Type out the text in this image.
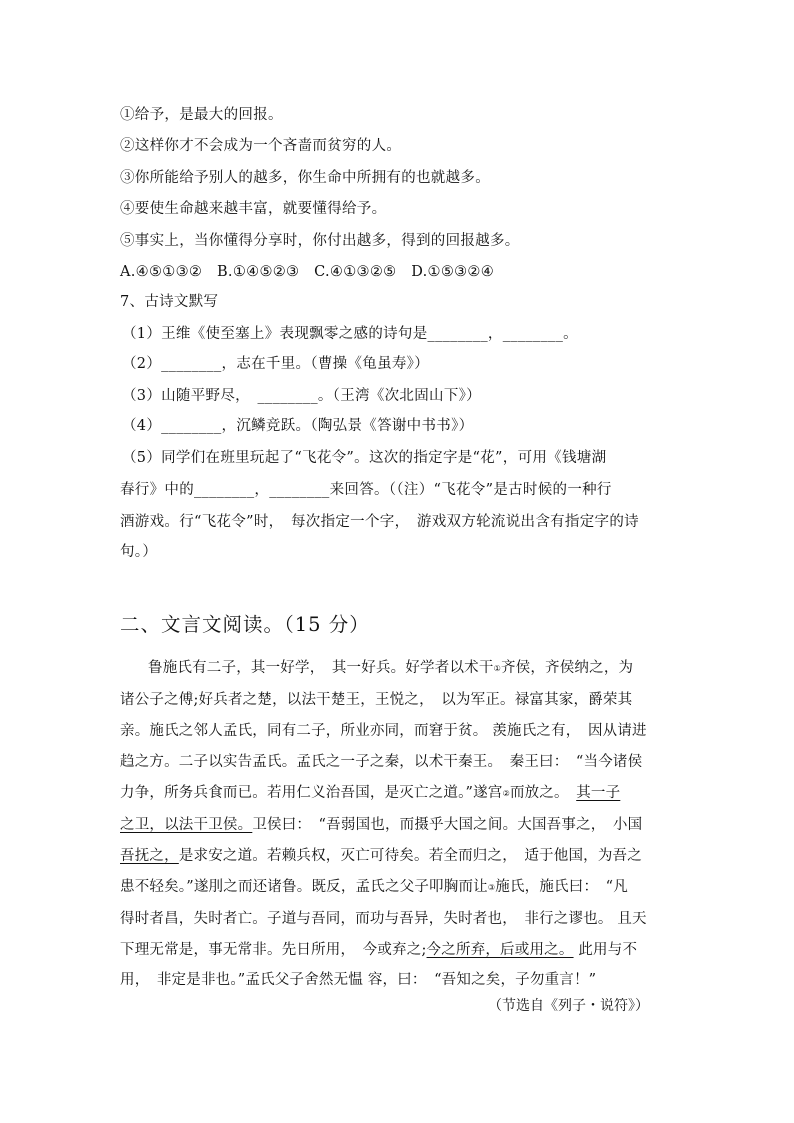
①给予，是最大的回报。
②这样你才不会成为一个吝啬而贫穷的人。
③你所能给予别人的越多，你生命中所拥有的也就越多。
④要使生命越来越丰富，就要懂得给予。
⑤事实上，当你懂得分享时，你付出越多，得到的回报越多。
A.④⑤①③②　B.①④⑤②③　C.④①③②⑤　D.①⑤③②④
7、古诗文默写
（1）王维《使至塞上》表现飘零之感的诗句是________，________。
（2）________，志在千里。（曹操《龟虽寿》）
（3）山随平野尽，　________。（王湾《次北固山下》）
（4）________，沉鳞竞跃。（陶弘景《答谢中书书》）
（5）同学们在班里玩起了“飞花令”。这次的指定字是“花”，可用《钱塘湖
春行》中的________，________来回答。（（注）“飞花令”是古时候的一种行
酒游戏。行“飞花令”时，　每次指定一个字，　游戏双方轮流说出含有指定字的诗
句。）
二、文言文阅读。（15 分）
鲁施氏有二子，其一好学，　其一好兵。好学者以术干①齐侯，齐侯纳之，为
诸公子之傅;好兵者之楚，以法干楚王，王悦之，　以为军正。禄富其家，爵荣其
亲。施氏之邻人孟氏，同有二子，所业亦同，而窘于贫。 羡施氏之有，　因从请进
趋之方。二子以实告孟氏。孟氏之一子之秦，以术干秦王。　秦王曰：　“当今诸侯
力争，所务兵食而已。若用仁义治吾国，是灭亡之道。”遂宫②而放之。　 其一子
之卫，以法干卫侯。卫侯曰：　“吾弱国也，而摄乎大国之间。大国吾事之，　小国
吾抚之，是求安之道。若赖兵权，灭亡可待矣。若全而归之，　适于他国，为吾之
患不轻矣。”遂刖之而还诸鲁。既反，孟氏之父子叩胸而让③施氏，施氏曰：　“凡
得时者昌，失时者亡。子道与吾同，而功与吾异，失时者也，　非行之谬也。 且天
下理无常是，事无常非。先日所用，　今或弃之;今之所弃，后或用之。 此用与不
用，　非定是非也。”孟氏父子舍然无愠 容，曰：　“吾知之矣，子勿重言！”
（节选自《列子・说符》）
